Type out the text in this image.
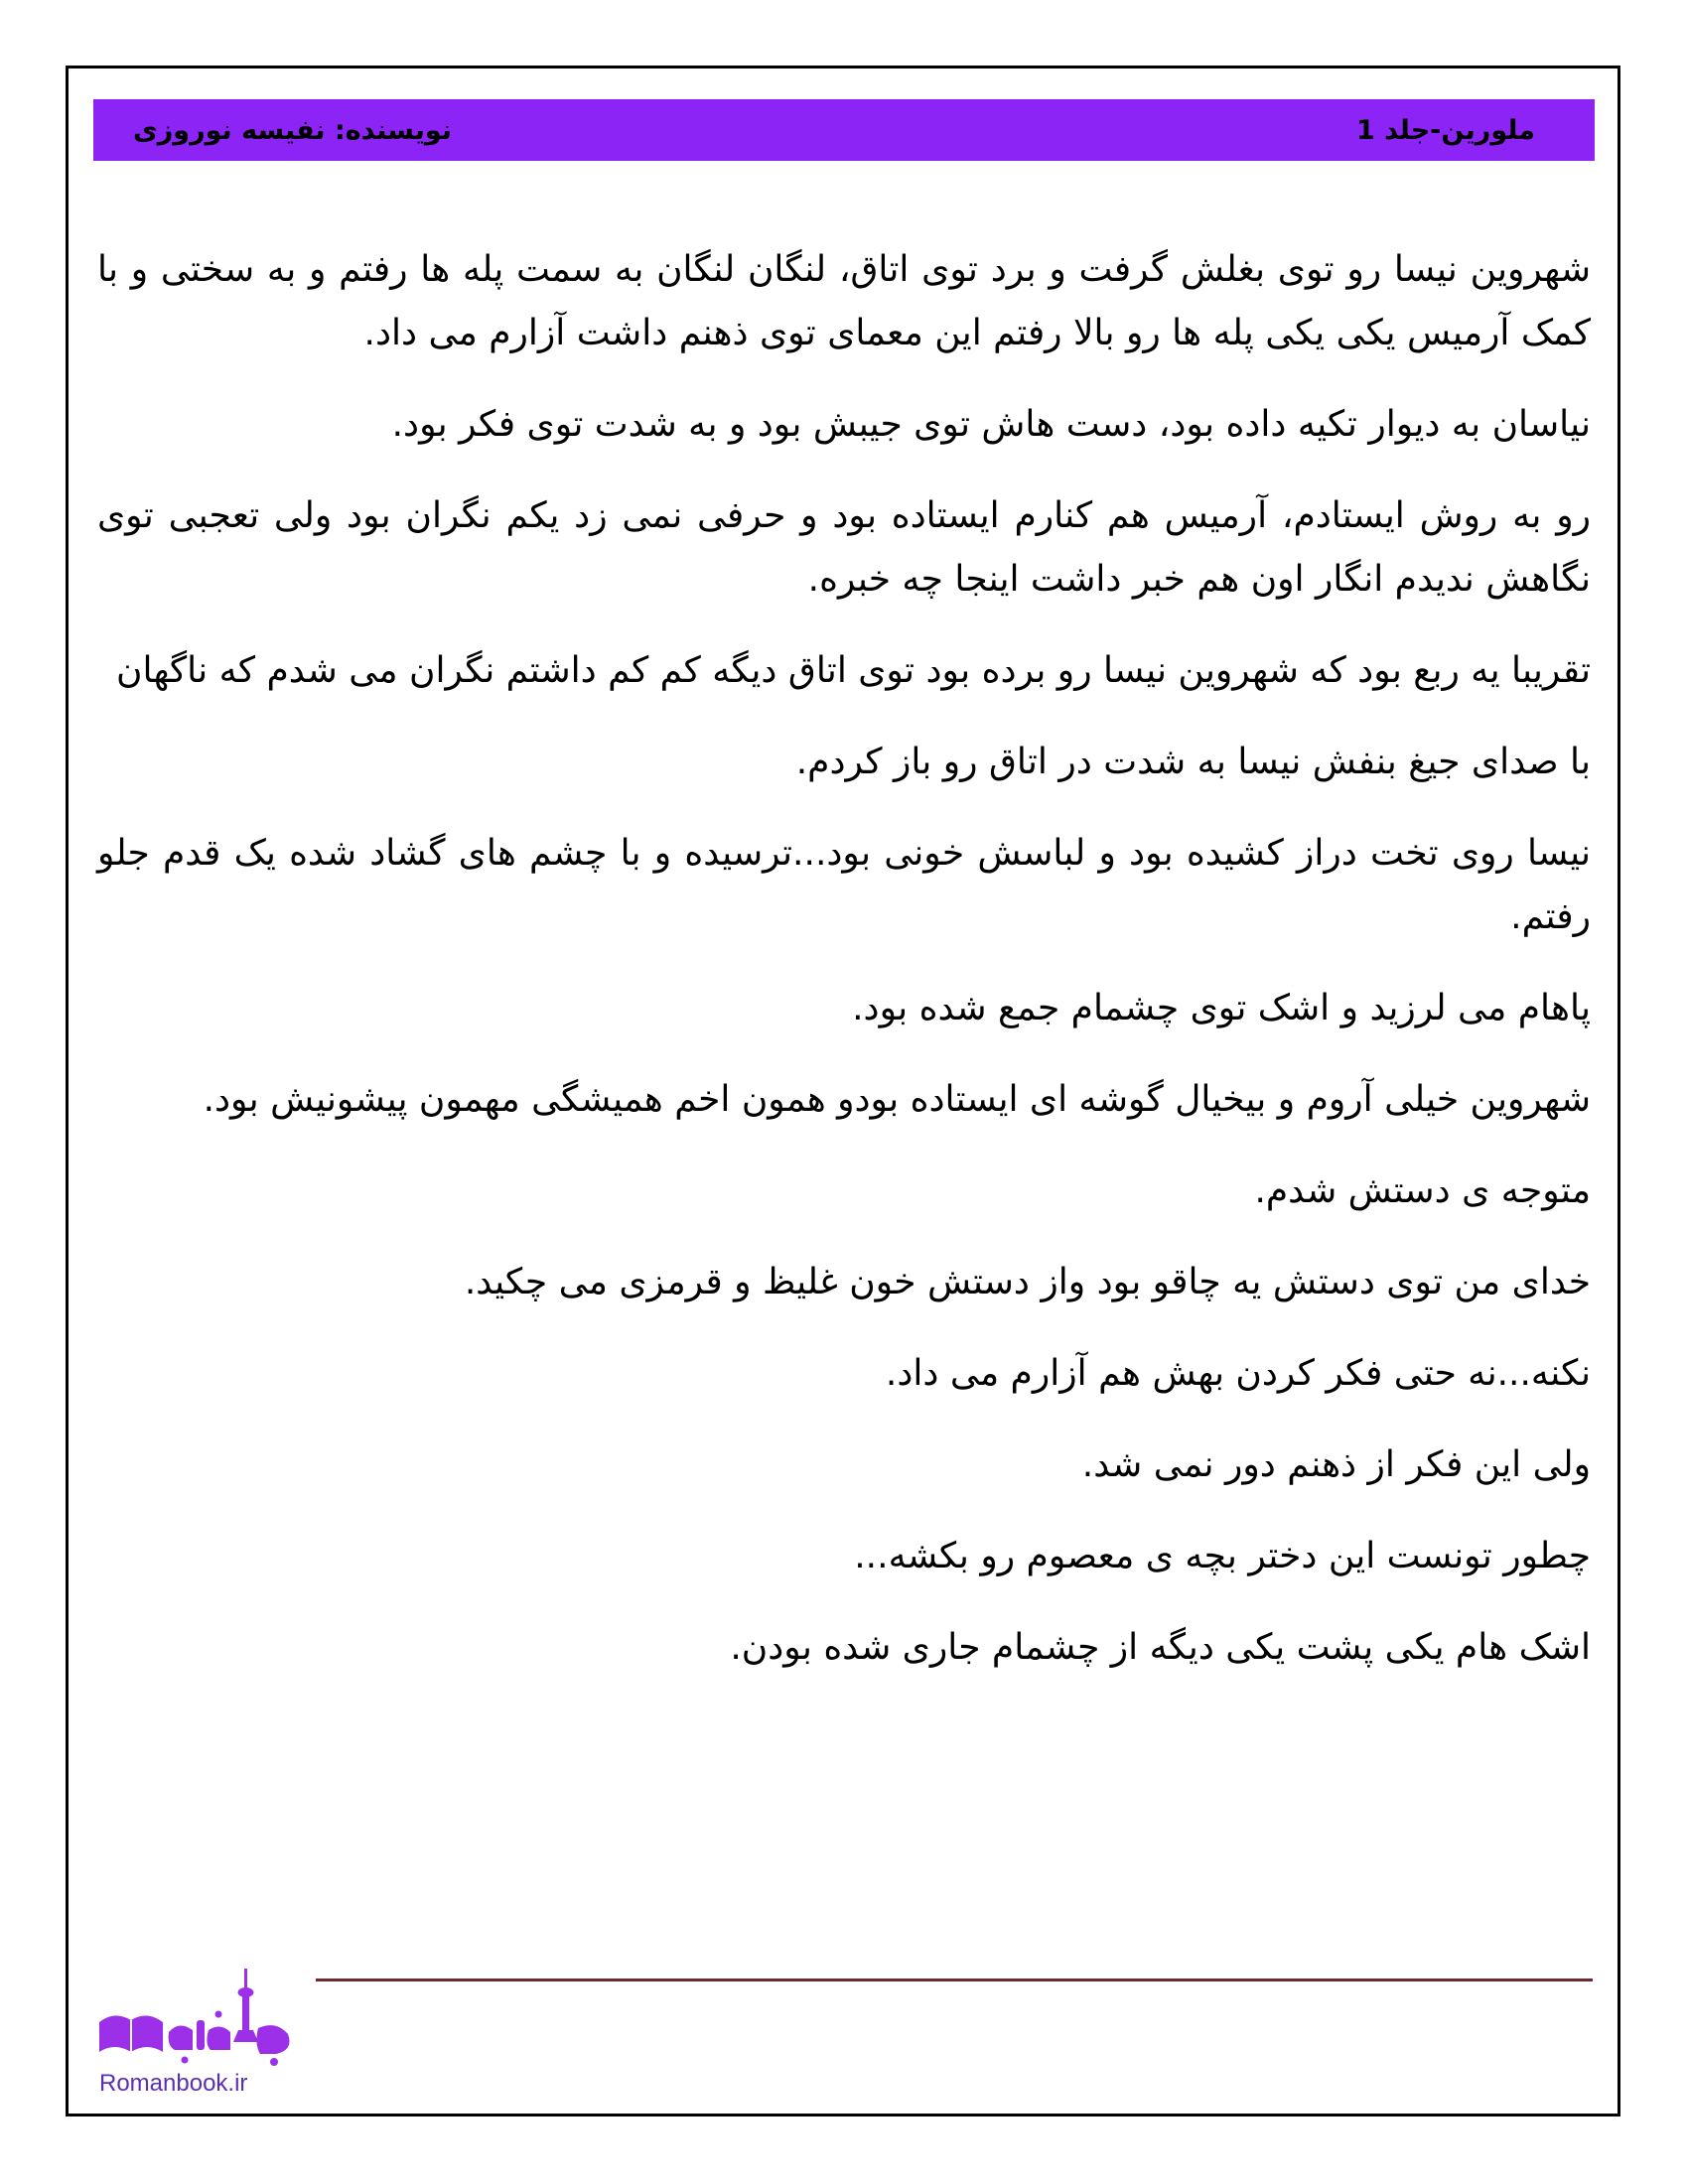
ملورین-جلد 1
نویسنده: نفیسه نوروزی

شهروین نیسا رو توی بغلش گرفت و برد توی اتاق، لنگان لنگان به سمت پله ها رفتم و به سختی و با کمک آرمیس یکی یکی پله ها رو بالا رفتم این معمای توی ذهنم داشت آزارم می داد.

نیاسان به دیوار تکیه داده بود، دست هاش توی جیبش بود و به شدت توی فکر بود.

رو به روش ایستادم، آرمیس هم کنارم ایستاده بود و حرفی نمی زد یکم نگران بود ولی تعجبی توی نگاهش ندیدم انگار اون هم خبر داشت اینجا چه خبره.

تقریبا یه ربع بود که شهروین نیسا رو برده بود توی اتاق دیگه کم کم داشتم نگران می شدم که ناگهان

با صدای جیغ بنفش نیسا به شدت در اتاق رو باز کردم.

نیسا روی تخت دراز کشیده بود و لباسش خونی بود...ترسیده و با چشم های گشاد شده یک قدم جلو رفتم.

پاهام می لرزید و اشک توی چشمام جمع شده بود.

شهروین خیلی آروم و بیخیال گوشه ای ایستاده بودو همون اخم همیشگی مهمون پیشونیش بود.

متوجه ی دستش شدم.

خدای من توی دستش یه چاقو بود واز دستش خون غلیظ و قرمزی می چکید.

نکنه...نه حتی فکر کردن بهش هم آزارم می داد.

ولی این فکر از ذهنم دور نمی شد.

چطور تونست این دختر بچه ی معصوم رو بکشه...

اشک هام یکی پشت یکی دیگه از چشمام جاری شده بودن.

Romanbook.ir
